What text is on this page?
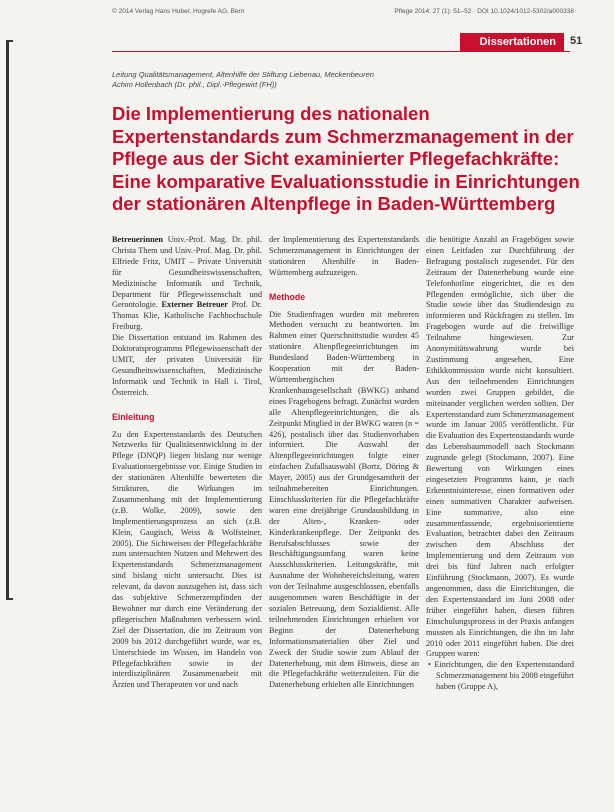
© 2014 Verlag Hans Huber, Hogrefe AG, Bern	Pflege 2014; 27 (1): 51–52 · DOI 10.1024/1012-5302/a000338
Dissertationen	51
Leitung Qualitätsmanagement, Altenhilfe der Stiftung Liebenau, Meckenbeuren
Achim Hollenbach (Dr. phil., Dipl.-Pflegewirt (FH))
Die Implementierung des nationalen Expertenstandards zum Schmerzmanagement in der Pflege aus der Sicht examinierter Pflegefachkräfte: Eine komparative Evaluationsstudie in Einrichtungen der stationären Altenpflege in Baden-Württemberg

Betreuerinnen Univ.-Prof. Mag. Dr. phil. Christa Them und Univ.-Prof. Mag. Dr. phil. Elfriede Fritz, UMIT – Private Universität für Gesundheitswissenschaften, Medizinische Informatik und Technik, Department für Pflegewissenschaft und Gerontologie. Externer Betreuer Prof. Dr. Thomas Klie, Katholische Fachhochschule Freiburg.

Die Dissertation entstand im Rahmen des Doktoratsprogramms Pflegewissenschaft der UMIT, der privaten Universität für Gesundheitswissenschaften, Medizinische Informatik und Technik in Hall i. Tirol, Österreich.

Einleitung

Zu den Expertenstandards des Deutschen Netzwerks für Qualitätsentwicklung in der Pflege (DNQP) liegen bislang nur wenige Evaluationsergebnisse vor. Einige Studien in der stationären Altenhilfe bewerteten die Strukturen, die Wirkungen im Zusammenhang mit der Implementierung (z.B. Wolke, 2009), sowie den Implementierungsprozess an sich (z.B. Klein, Gaugisch, Weiss & Wolfsteiner, 2005). Die Sichtweisen der Pflegefachkräfte zum untersuchten Nutzen und Mehrwert des Expertenstandards Schmerzmanagement sind bislang nicht untersucht. Dies ist relevant, da davon auszugehen ist, dass sich das subjektive Schmerzempfinden der Bewohner nur durch eine Veränderung der pflegerischen Maßnahmen verbessern wird. Ziel der Dissertation, die im Zeitraum von 2009 bis 2012 durchgeführt wurde, war es, Unterschiede im Wissen, im Handeln von Pflegefachkräften sowie in der interdisziplinären Zusammenarbeit mit Ärzten und Therapeuten vor und nach

der Implementierung des Expertenstandards Schmerzmanagement in Einrichtungen der stationären Altenhilfe in Baden-Württemberg aufzuzeigen.

Methode

Die Studienfragen wurden mit mehreren Methoden versucht zu beantworten. Im Rahmen einer Querschnittstudie wurden 45 stationäre Altenpflegeeinrichtungen im Bundesland Baden-Württemberg in Kooperation mit der Baden-Württembergischen Krankenhausgesellschaft (BWKG) anhand eines Fragebogens befragt. Zunächst wurden alle Altenpflegeeinrichtungen, die als Zeitpunkt Mitglied in der BWKG waren (n = 426), postalisch über das Studienvorhaben informiert. Die Auswahl der Altenpflegeeinrichtungen folgte einer einfachen Zufallsauswahl (Bortz, Döring & Mayer, 2005) aus der Grundgesamtheit der teilnahmebereiten Einrichtungen. Einschlusskriterien für die Pflegefachkräfte waren eine dreijährige Grundausbildung in der Alten-, Kranken- oder Kinderkrankenpflege. Der Zeitpunkt des Berufsabschlusses sowie der Beschäftigungsumfang waren keine Ausschlusskriterien. Leitungskräfte, mit Ausnahme der Wohnbereichsleitung, waren von der Teilnahme ausgeschlossen, ebenfalls ausgenommen waren Beschäftigte in der sozialen Betreuung, dem Sozialdienst. Alle teilnehmenden Einrichtungen erhielten vor Beginn der Datenerhebung Informationsmaterialien über Ziel und Zweck der Studie sowie zum Ablauf der Datenerhebung, mit dem Hinweis, diese an die Pflegefachkräfte weiterzuleiten. Für die Datenerhebung erhielten alle Einrichtungen

die benötigte Anzahl an Fragebögen sowie einen Leitfaden zur Durchführung der Befragung postalisch zugesendet. Für den Zeitraum der Datenerhebung wurde eine Telefonhotline eingerichtet, die es den Pflegenden ermöglichte, sich über die Studie sowie über das Studiendesign zu informieren und Rückfragen zu stellen. Im Fragebogen wurde auf die freiwillige Teilnahme hingewiesen. Zur Anonymitätswahrung wurde bei Zustimmung angesehen, Eine Ethikkommission wurde nicht konsultiert. Aus den teilnehmenden Einrichtungen wurden zwei Gruppen gebildet, die miteinander verglichen werden sollten. Der Expertenstandard zum Schmerzmanagement wurde im Januar 2005 veröffentlicht. Für die Evaluation des Expertenstandards wurde das Lebensbaummodell nach Stockmann zugrunde gelegt (Stockmann, 2007). Eine Bewertung von Wirkungen eines eingesetzten Programms kann, je nach Erkenntnisinteresse, einen formativen oder einen summativen Charakter aufweisen. Eine summative, also eine zusammenfassende, ergebnisorientierte Evaluation, betrachtet dabei den Zeitraum zwischen dem Abschluss der Implementierung und dem Zeitraum von drei bis fünf Jahren nach erfolgter Einführung (Stockmann, 2007). Es wurde angenommen, dass die Einrichtungen, die den Expertenstandard im Juni 2008 oder früher eingeführt haben, diesen führen Einschulungsprozess in der Praxis anfangen mussten als Einrichtungen, die ihn im Jahr 2010 oder 2011 eingeführt haben. Die drei Gruppen waren:

• Einrichtungen, die den Expertenstandard Schmerzmanagement bis 2008 eingeführt haben (Gruppe A),
